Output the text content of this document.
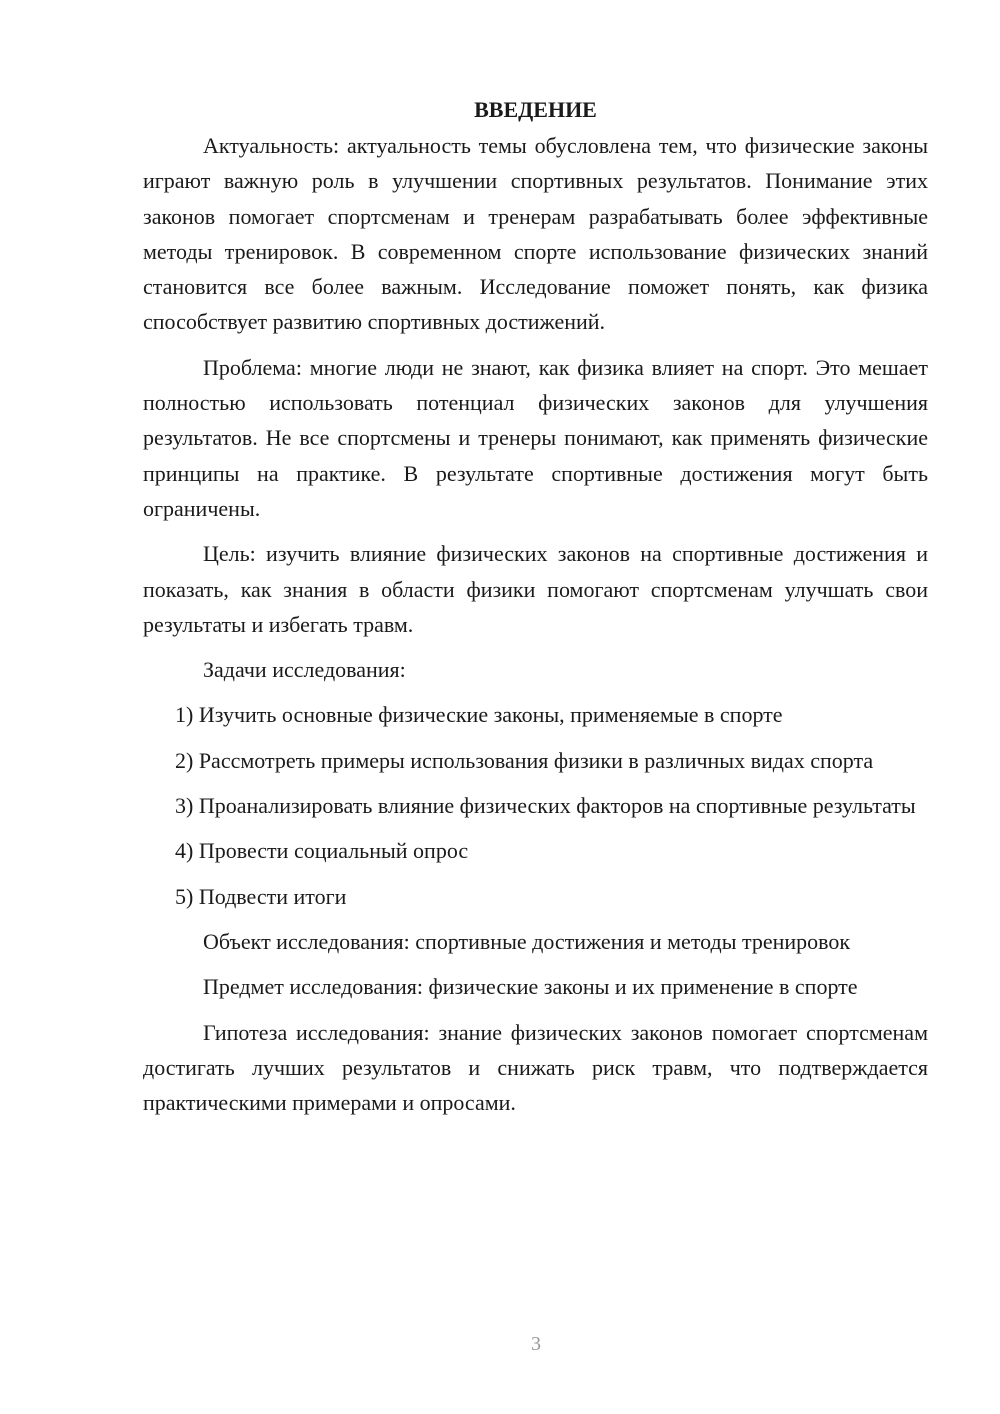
ВВЕДЕНИЕ

Актуальность: актуальность темы обусловлена тем, что физические законы играют важную роль в улучшении спортивных результатов. Понимание этих законов помогает спортсменам и тренерам разрабатывать более эффективные методы тренировок. В современном спорте использование физических знаний становится все более важным. Исследование поможет понять, как физика способствует развитию спортивных достижений.

Проблема: многие люди не знают, как физика влияет на спорт. Это мешает полностью использовать потенциал физических законов для улучшения результатов. Не все спортсмены и тренеры понимают, как применять физические принципы на практике. В результате спортивные достижения могут быть ограничены.

Цель: изучить влияние физических законов на спортивные достижения и показать, как знания в области физики помогают спортсменам улучшать свои результаты и избегать травм.

Задачи исследования:

1) Изучить основные физические законы, применяемые в спорте

2) Рассмотреть примеры использования физики в различных видах спорта

3) Проанализировать влияние физических факторов на спортивные результаты

4) Провести социальный опрос

5) Подвести итоги

Объект исследования: спортивные достижения и методы тренировок

Предмет исследования: физические законы и их применение в спорте

Гипотеза исследования: знание физических законов помогает спортсменам достигать лучших результатов и снижать риск травм, что подтверждается практическими примерами и опросами.

3
